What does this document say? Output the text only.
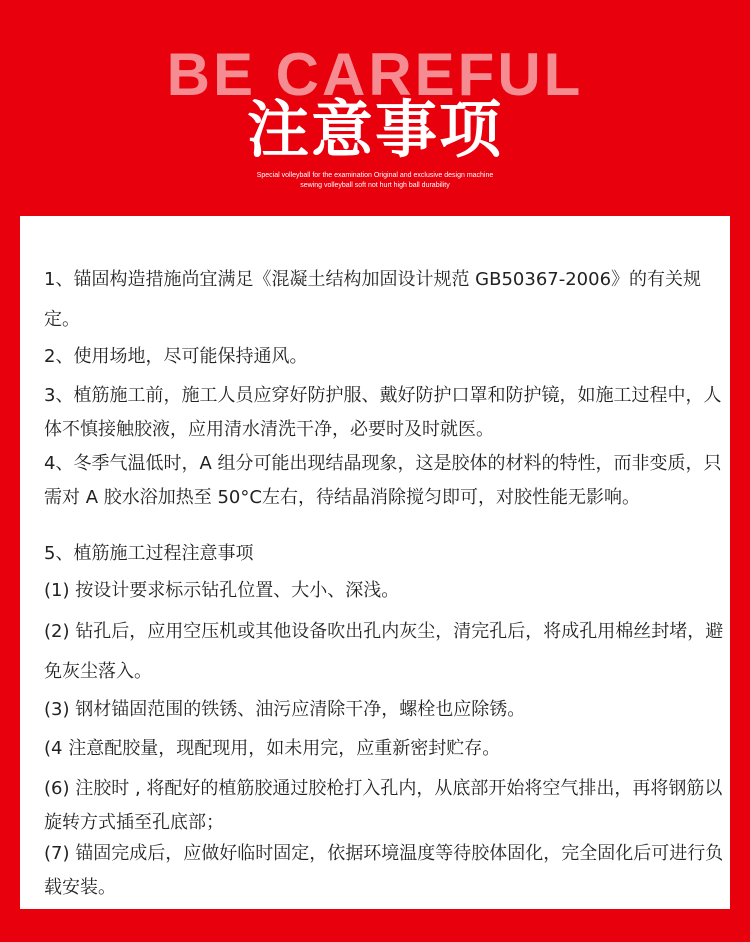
BE CAREFUL
注意事项
Special volleyball for the examination Original and exclusive design machine
sewing volleyball soft not hurt high ball durability
1、锚固构造措施尚宜满足《混凝土结构加固设计规范 GB50367-2006》的有关规定。
2、使用场地，尽可能保持通风。
3、植筋施工前，施工人员应穿好防护服、戴好防护口罩和防护镜，如施工过程中，人体不慎接触胶液，应用清水清洗干净，必要时及时就医。
4、冬季气温低时，A 组分可能出现结晶现象，这是胶体的材料的特性，而非变质，只需对 A 胶水浴加热至 50°C左右，待结晶消除搅匀即可，对胶性能无影响。
5、植筋施工过程注意事项
(1) 按设计要求标示钻孔位置、大小、深浅。
(2) 钻孔后，应用空压机或其他设备吹出孔内灰尘，清完孔后，将成孔用棉丝封堵，避免灰尘落入。
(3) 钢材锚固范围的铁锈、油污应清除干净，螺栓也应除锈。
(4 注意配胶量，现配现用，如未用完，应重新密封贮存。
(6) 注胶时 , 将配好的植筋胶通过胶枪打入孔内，从底部开始将空气排出，再将钢筋以旋转方式插至孔底部；
(7) 锚固完成后，应做好临时固定，依据环境温度等待胶体固化，完全固化后可进行负载安装。
